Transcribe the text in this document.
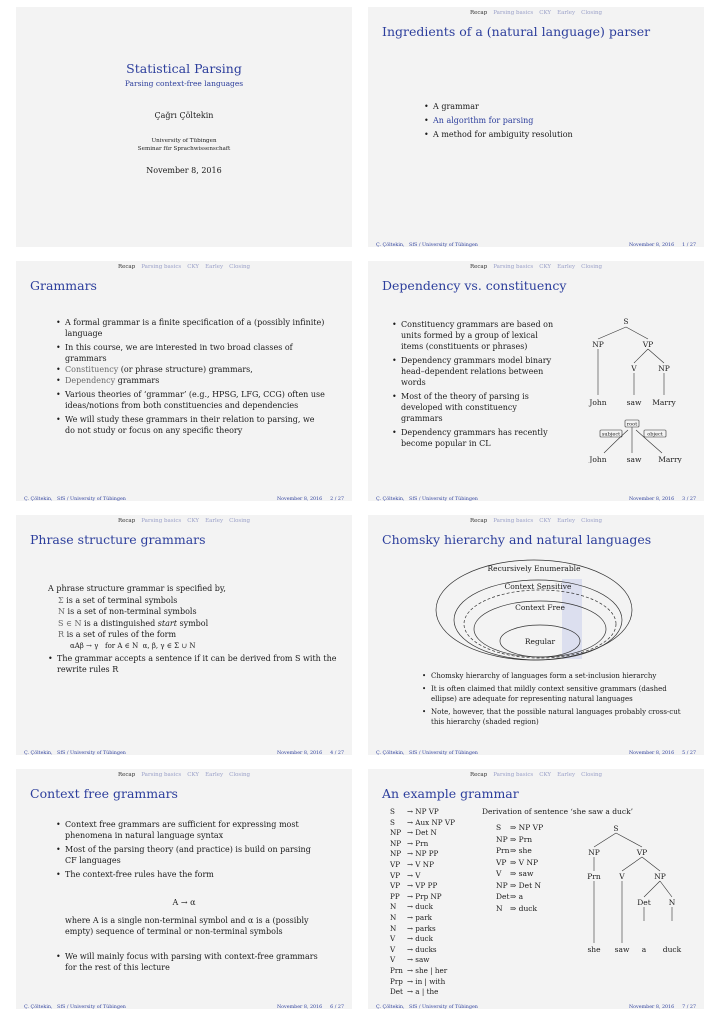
Statistical Parsing
Parsing context-free languages
Çağrı Çöltekin
University of Tübingen
Seminar für Sprachwissenschaft
November 8, 2016
Recap Parsing basics CKY Earley Closing
Ingredients of a (natural language) parser
• A grammar
• An algorithm for parsing
• A method for ambiguity resolution
Ç. Çöltekin, SfS / University of Tübingen	November 8, 2016 1 / 27
Recap Parsing basics CKY Earley Closing
Grammars
• A formal grammar is a finite specification of a (possibly infinite) language
• In this course, we are interested in two broad classes of grammars
• Constituency (or phrase structure) grammars,
• Dependency grammars
• Various theories of ‘grammar’ (e.g., HPSG, LFG, CCG) often use ideas/notions from both constituencies and dependencies
• We will study these grammars in their relation to parsing, we do not study or focus on any specific theory
Ç. Çöltekin, SfS / University of Tübingen	November 8, 2016 2 / 27
Recap Parsing basics CKY Earley Closing
Dependency vs. constituency
• Constituency grammars are based on units formed by a group of lexical items (constituents or phrases)
• Dependency grammars model binary head–dependent relations between words
• Most of the theory of parsing is developed with constituency grammars
• Dependency grammars has recently become popular in CL
S
NP	VP
V	NP
John	saw Marry
root
subject	object
John	saw Marry
Ç. Çöltekin, SfS / University of Tübingen	November 8, 2016 3 / 27
Recap Parsing basics CKY Earley Closing
Phrase structure grammars
A phrase structure grammar is specified by,
Σ is a set of terminal symbols
N is a set of non-terminal symbols
S ∈ N is a distinguished start symbol
R is a set of rules of the form
αAβ → γ   for A ∈ N  α, β, γ ∈ Σ ∪ N
• The grammar accepts a sentence if it can be derived from S with the rewrite rules R
Ç. Çöltekin, SfS / University of Tübingen	November 8, 2016 4 / 27
Recap Parsing basics CKY Earley Closing
Chomsky hierarchy and natural languages
Recursively Enumerable
Context Sensitive
Context Free
Regular
• Chomsky hierarchy of languages form a set-inclusion hierarchy
• It is often claimed that mildly context sensitive grammars (dashed ellipse) are adequate for representing natural languages
• Note, however, that the possible natural languages probably cross-cut this hierarchy (shaded region)
Ç. Çöltekin, SfS / University of Tübingen	November 8, 2016 5 / 27
Recap Parsing basics CKY Earley Closing
Context free grammars
• Context free grammars are sufficient for expressing most phenomena in natural language syntax
• Most of the parsing theory (and practice) is build on parsing CF languages
• The context-free rules have the form
A → α
where A is a single non-terminal symbol and α is a (possibly empty) sequence of terminal or non-terminal symbols
• We will mainly focus with parsing with context-free grammars for the rest of this lecture
Ç. Çöltekin, SfS / University of Tübingen	November 8, 2016 6 / 27
Recap Parsing basics CKY Earley Closing
An example grammar
S → NP VP
S → Aux NP VP
NP → Det N
NP → Prn
NP → NP PP
VP → V NP
VP → V
VP → VP PP
PP → Prp NP
N → duck
N → park
N → parks
V → duck
V → ducks
V → saw
Prn → she | her
Prp → in | with
Det → a | the
Derivation of sentence ‘she saw a duck’
S ⇒ NP VP
NP ⇒ Prn
Prn⇒ she
VP ⇒ V NP
V ⇒ saw
NP ⇒ Det N
Det⇒ a
N ⇒ duck
S
NP	VP
Prn V	NP
Det N
she saw a duck
Ç. Çöltekin, SfS / University of Tübingen	November 8, 2016 7 / 27
